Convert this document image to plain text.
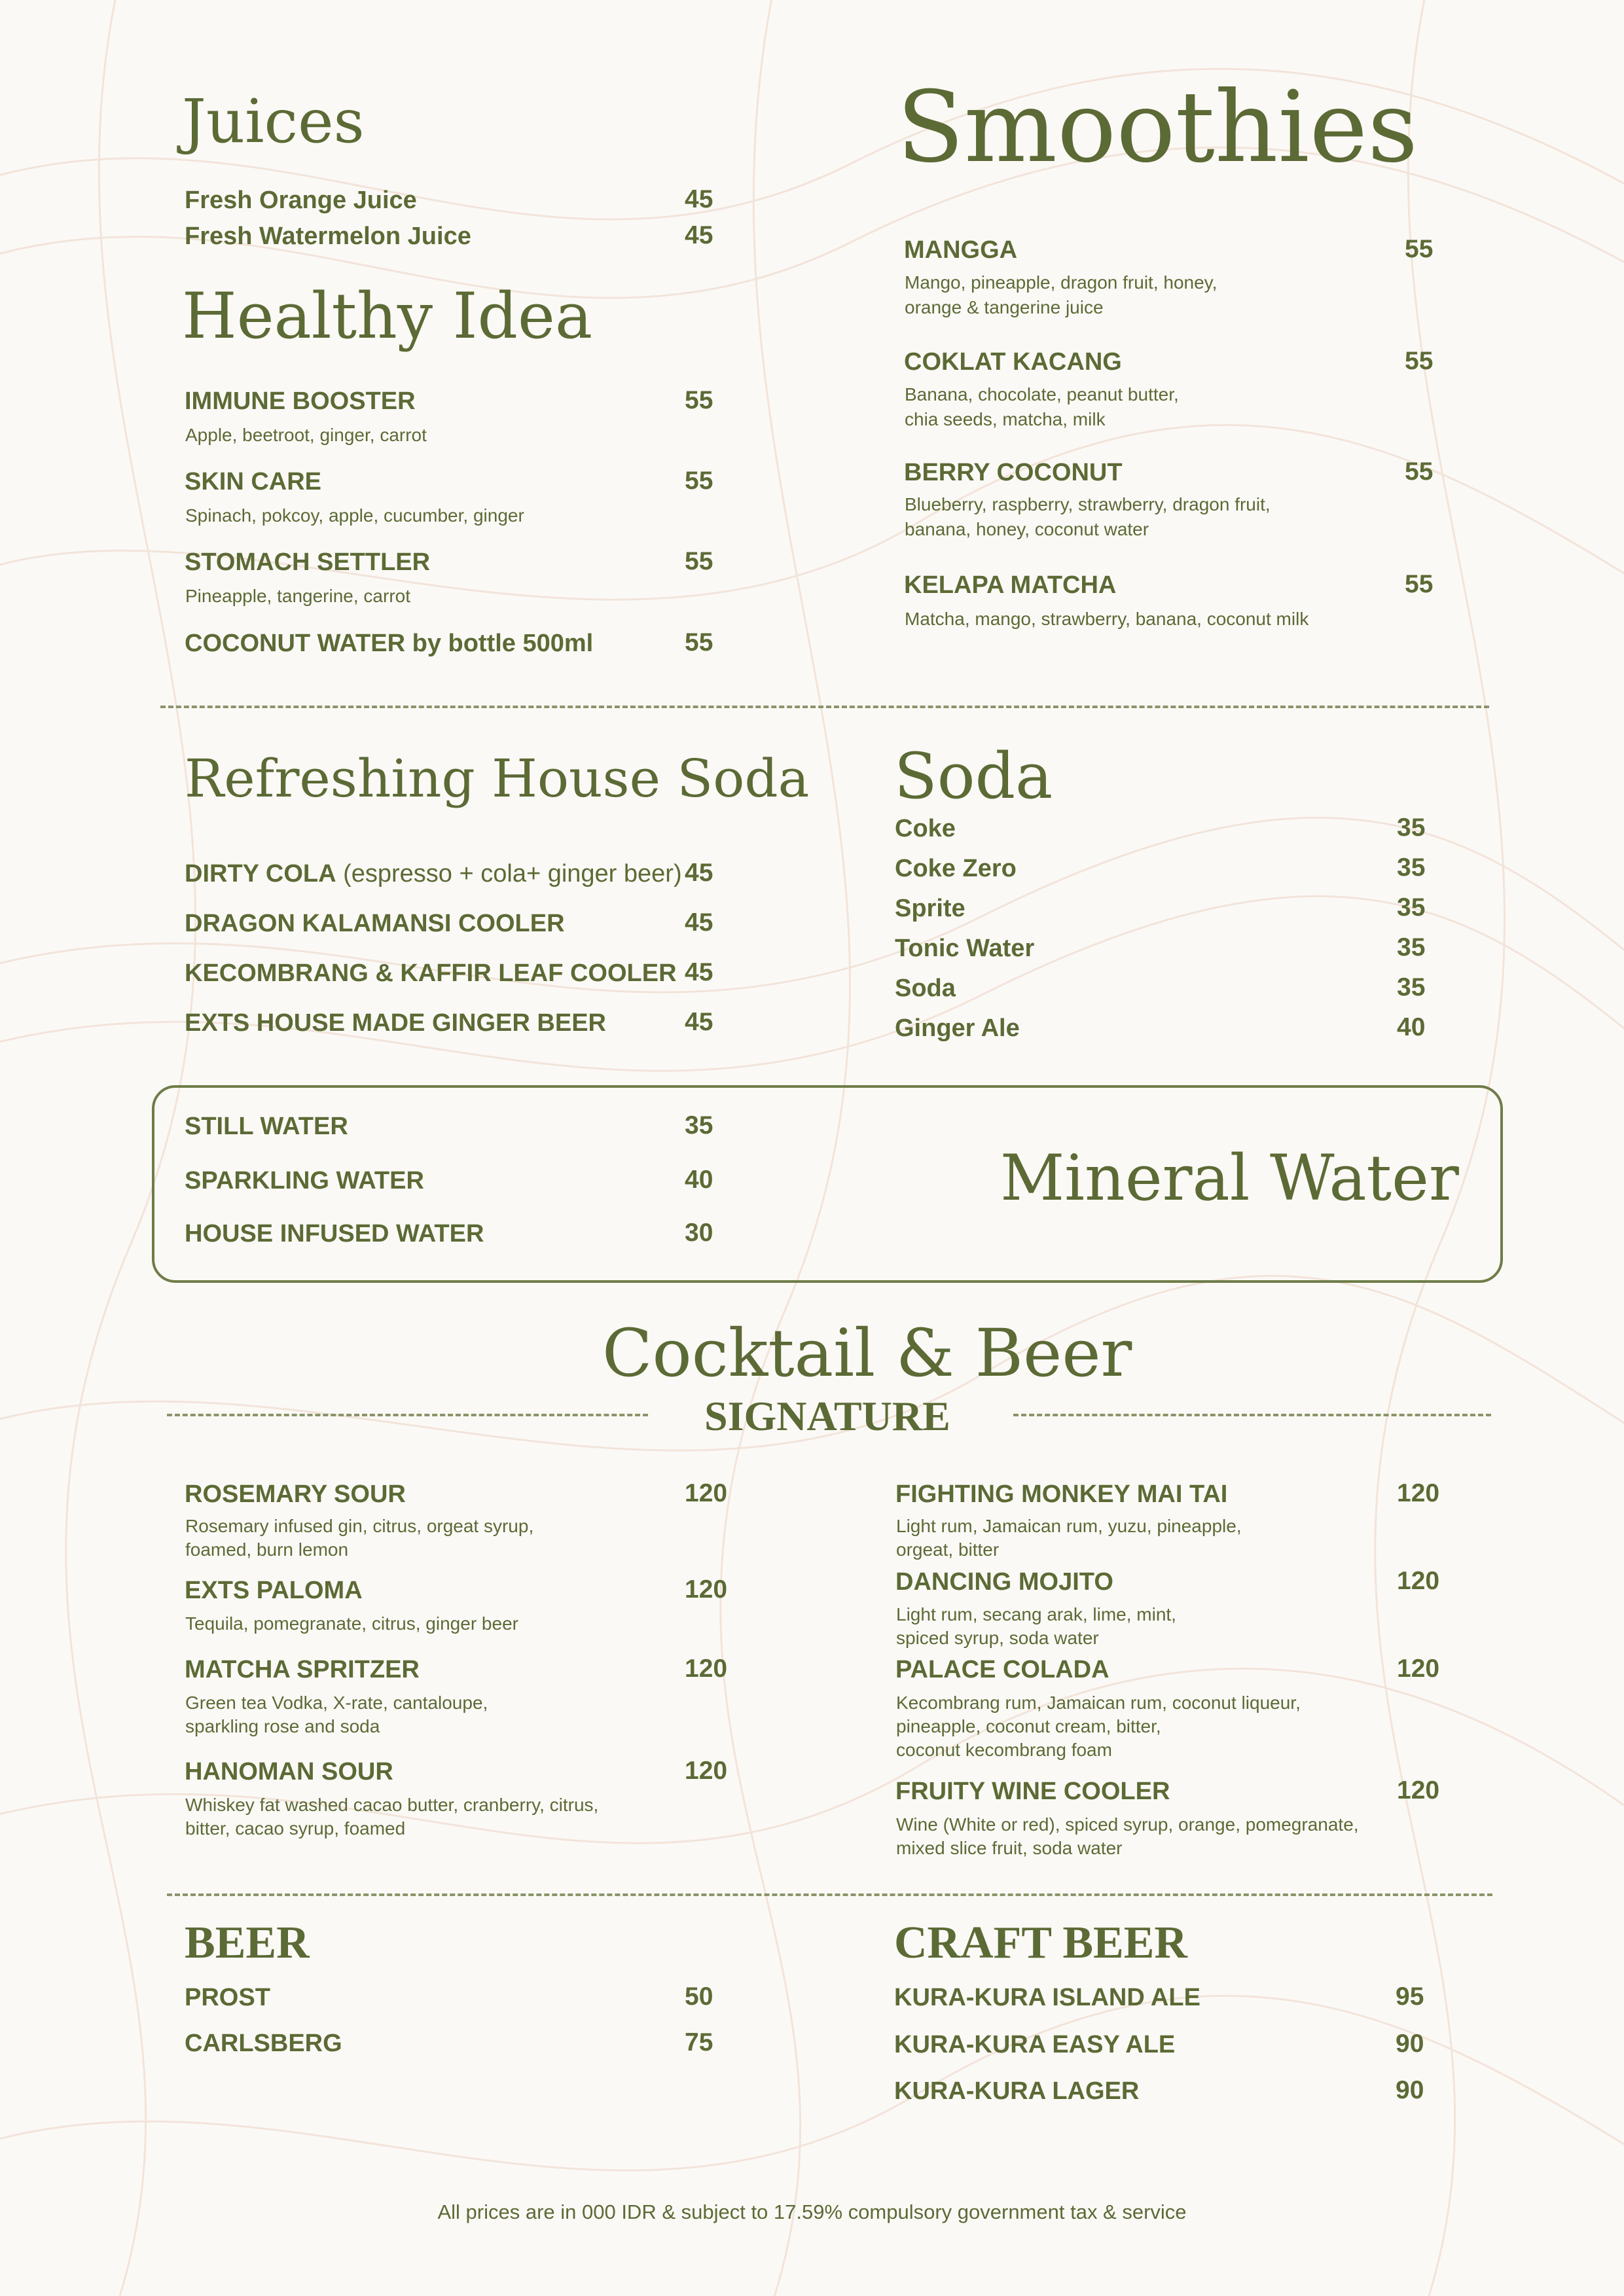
Juices
Fresh Orange Juice	45
Fresh Watermelon Juice	45
Healthy Idea
IMMUNE BOOSTER	55
Apple, beetroot, ginger, carrot
SKIN CARE	55
Spinach, pokcoy, apple, cucumber, ginger
STOMACH SETTLER	55
Pineapple, tangerine, carrot
COCONUT WATER by bottle 500ml	55
Smoothies
MANGGA	55
Mango, pineapple, dragon fruit, honey,
orange & tangerine juice
COKLAT KACANG	55
Banana, chocolate, peanut butter,
chia seeds, matcha, milk
BERRY COCONUT	55
Blueberry, raspberry, strawberry, dragon fruit,
banana, honey, coconut water
KELAPA MATCHA	55
Matcha, mango, strawberry, banana, coconut milk
Refreshing House Soda
DIRTY COLA (espresso + cola+ ginger beer) 45
DRAGON KALAMANSI COOLER	45
KECOMBRANG & KAFFIR LEAF COOLER 45
EXTS HOUSE MADE GINGER BEER	45
Soda
Coke	35
Coke Zero	35
Sprite	35
Tonic Water	35
Soda	35
Ginger Ale	40
STILL WATER	35
SPARKLING WATER	40
HOUSE INFUSED WATER	30
Mineral Water
Cocktail & Beer
SIGNATURE
ROSEMARY SOUR	120
Rosemary infused gin, citrus, orgeat syrup,
foamed, burn lemon
EXTS PALOMA	120
Tequila, pomegranate, citrus, ginger beer
MATCHA SPRITZER	120
Green tea Vodka, X-rate, cantaloupe,
sparkling rose and soda
HANOMAN SOUR	120
Whiskey fat washed cacao butter, cranberry, citrus,
bitter, cacao syrup, foamed
FIGHTING MONKEY MAI TAI	120
Light rum, Jamaican rum, yuzu, pineapple,
orgeat, bitter
DANCING MOJITO	120
Light rum, secang arak, lime, mint,
spiced syrup, soda water
PALACE COLADA	120
Kecombrang rum, Jamaican rum, coconut liqueur,
pineapple, coconut cream, bitter,
coconut kecombrang foam
FRUITY WINE COOLER	120
Wine (White or red), spiced syrup, orange, pomegranate,
mixed slice fruit, soda water
BEER
PROST	50
CARLSBERG	75
CRAFT BEER
KURA-KURA ISLAND ALE	95
KURA-KURA EASY ALE	90
KURA-KURA LAGER	90
All prices are in 000 IDR & subject to 17.59% compulsory government tax & service
